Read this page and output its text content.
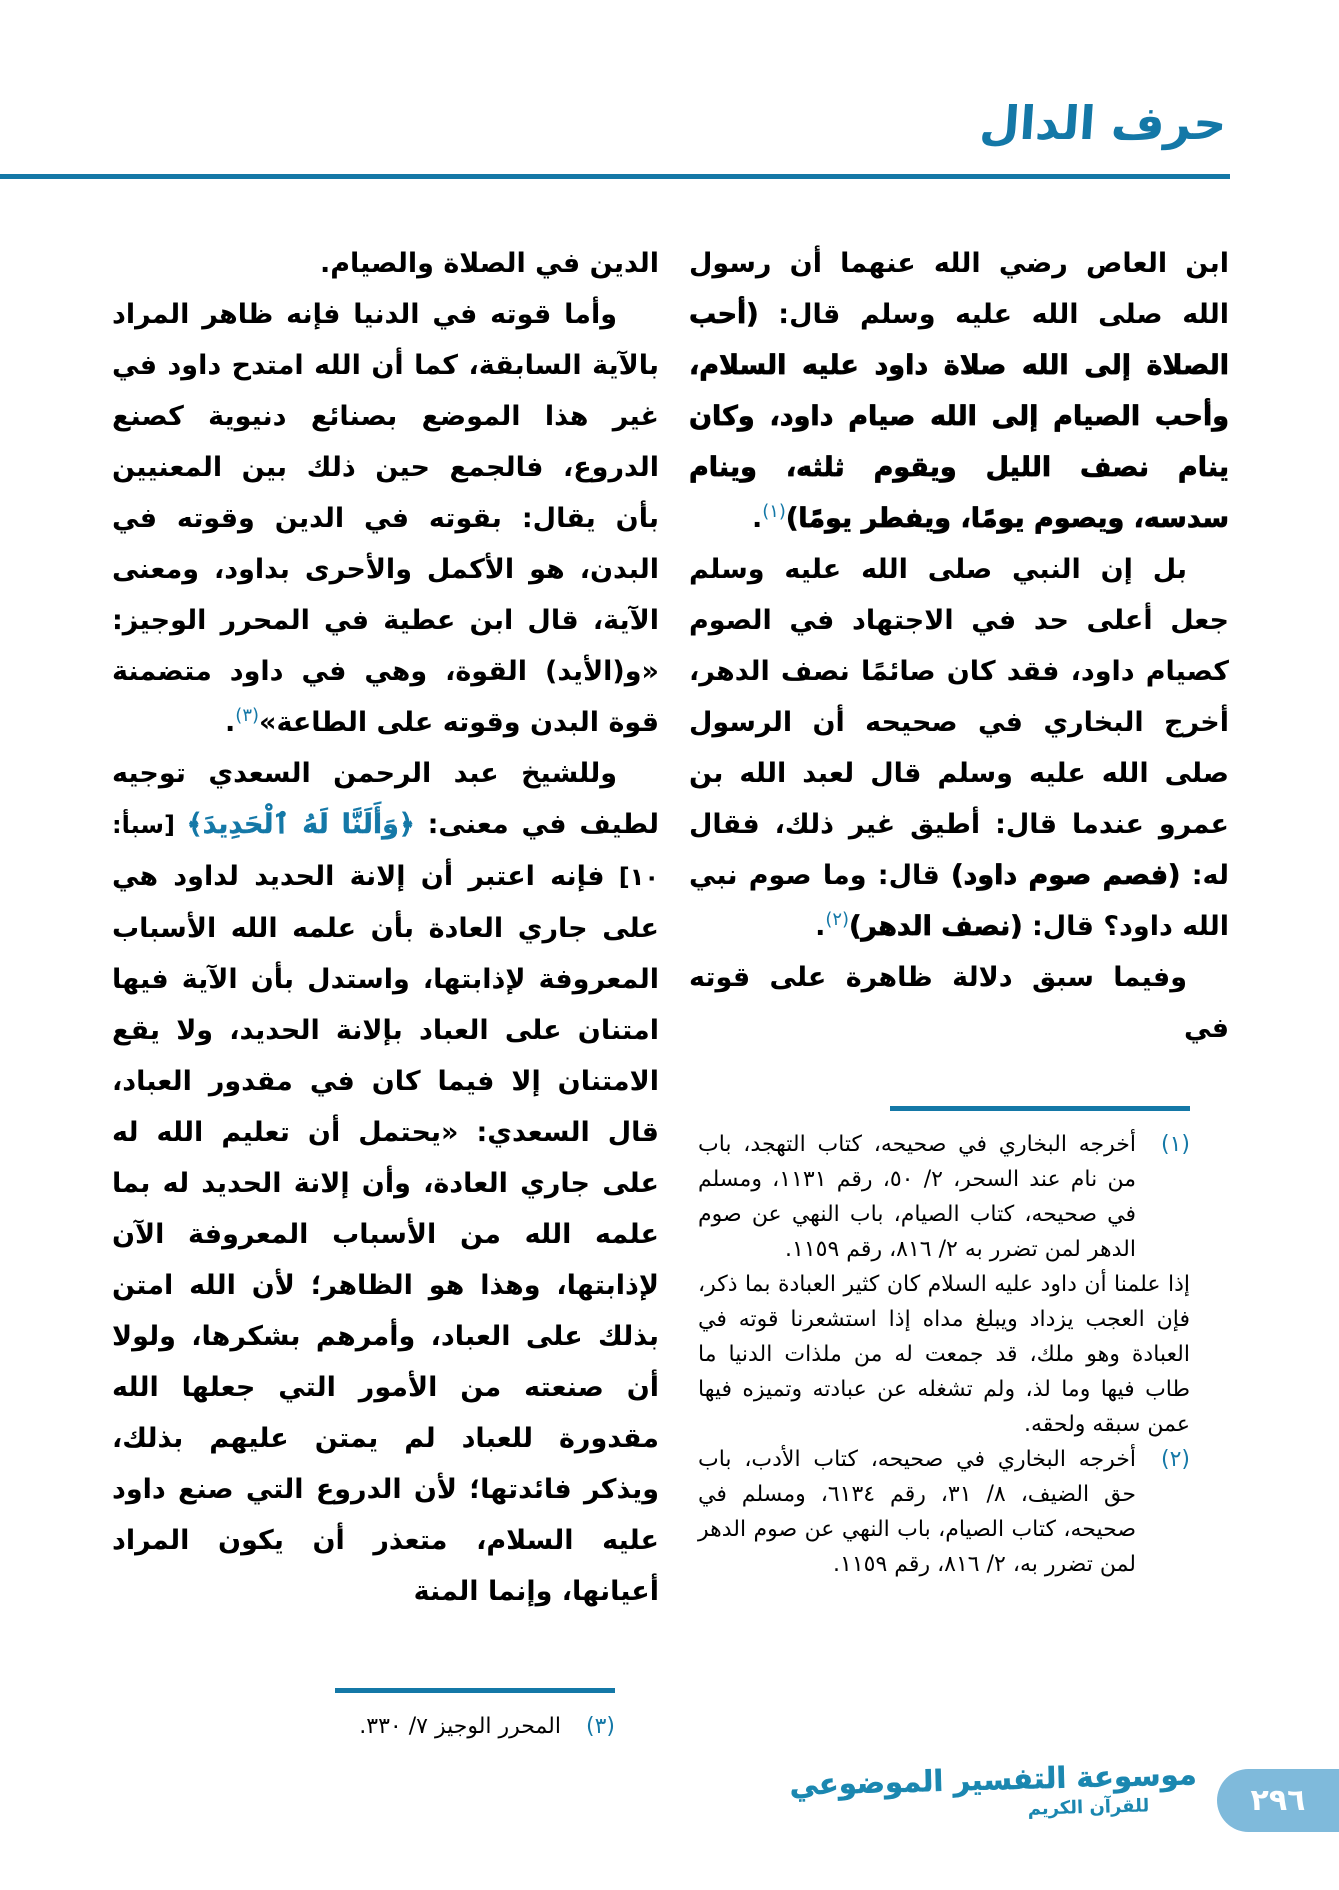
حرف الدال

ابن العاص رضي الله عنهما أن رسول الله صلى الله عليه وسلم قال: (أحب الصلاة إلى الله صلاة داود عليه السلام، وأحب الصيام إلى الله صيام داود، وكان ينام نصف الليل ويقوم ثلثه، وينام سدسه، ويصوم يومًا، ويفطر يومًا)$^{(١)}$.

بل إن النبي صلى الله عليه وسلم جعل أعلى حد في الاجتهاد في الصوم كصيام داود، فقد كان صائمًا نصف الدهر، أخرج البخاري في صحيحه أن الرسول صلى الله عليه وسلم قال لعبد الله بن عمرو عندما قال: أطيق غير ذلك، فقال له: (فصم صوم داود) قال: وما صوم نبي الله داود؟ قال: (نصف الدهر)$^{(٢)}$.

وفيما سبق دلالة ظاهرة على قوته في

(١)
أخرجه البخاري في صحيحه، كتاب التهجد، باب من نام عند السحر، ٢/ ٥٠، رقم ١١٣١، ومسلم في صحيحه، كتاب الصيام، باب النهي عن صوم الدهر لمن تضرر به ٢/ ٨١٦، رقم ١١٥٩.

إذا علمنا أن داود عليه السلام كان كثير العبادة بما ذكر، فإن العجب يزداد ويبلغ مداه إذا استشعرنا قوته في العبادة وهو ملك، قد جمعت له من ملذات الدنيا ما طاب فيها وما لذ، ولم تشغله عن عبادته وتميزه فيها عمن سبقه ولحقه.

(٢)
أخرجه البخاري في صحيحه، كتاب الأدب، باب حق الضيف، ٨/ ٣١، رقم ٦١٣٤، ومسلم في صحيحه، كتاب الصيام، باب النهي عن صوم الدهر لمن تضرر به، ٢/ ٨١٦، رقم ١١٥٩.

الدين في الصلاة والصيام.

وأما قوته في الدنيا فإنه ظاهر المراد بالآية السابقة، كما أن الله امتدح داود في غير هذا الموضع بصنائع دنيوية كصنع الدروع، فالجمع حين ذلك بين المعنيين بأن يقال: بقوته في الدين وقوته في البدن، هو الأكمل والأحرى بداود، ومعنى الآية، قال ابن عطية في المحرر الوجيز: «و(الأيد) القوة، وهي في داود متضمنة قوة البدن وقوته على الطاعة»$^{(٣)}$.

وللشيخ عبد الرحمن السعدي توجيه لطيف في معنى: ﴿وَأَلَنَّا لَهُ ٱلْحَدِيدَ﴾ [سبأ: ١٠] فإنه اعتبر أن إلانة الحديد لداود هي على جاري العادة بأن علمه الله الأسباب المعروفة لإذابتها، واستدل بأن الآية فيها امتنان على العباد بإلانة الحديد، ولا يقع الامتنان إلا فيما كان في مقدور العباد، قال السعدي: «يحتمل أن تعليم الله له على جاري العادة، وأن إلانة الحديد له بما علمه الله من الأسباب المعروفة الآن لإذابتها، وهذا هو الظاهر؛ لأن الله امتن بذلك على العباد، وأمرهم بشكرها، ولولا أن صنعته من الأمور التي جعلها الله مقدورة للعباد لم يمتن عليهم بذلك، ويذكر فائدتها؛ لأن الدروع التي صنع داود عليه السلام، متعذر أن يكون المراد أعيانها، وإنما المنة

(٣)
المحرر الوجيز ٧/ ٣٣٠.
موسوعة التفسير الموضوعي
للقرآن الكريم	٢٩٦
